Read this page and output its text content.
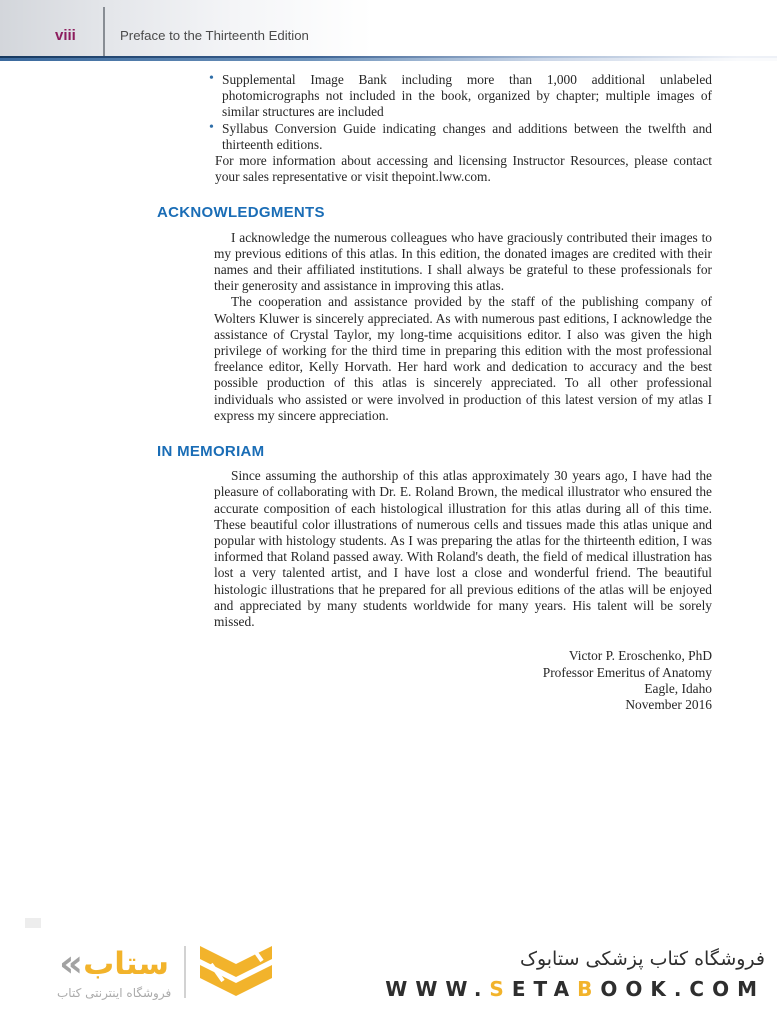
viii	Preface to the Thirteenth Edition
• Supplemental Image Bank including more than 1,000 additional unlabeled photomicrographs not included in the book, organized by chapter; multiple images of similar structures are included
• Syllabus Conversion Guide indicating changes and additions between the twelfth and thirteenth editions.

For more information about accessing and licensing Instructor Resources, please contact your sales representative or visit thepoint.lww.com.

ACKNOWLEDGMENTS

I acknowledge the numerous colleagues who have graciously contributed their images to my previous editions of this atlas. In this edition, the donated images are credited with their names and their affiliated institutions. I shall always be grateful to these professionals for their generosity and assistance in improving this atlas.

The cooperation and assistance provided by the staff of the publishing company of Wolters Kluwer is sincerely appreciated. As with numerous past editions, I acknowledge the assistance of Crystal Taylor, my long-time acquisitions editor. I also was given the high privilege of working for the third time in preparing this edition with the most professional freelance editor, Kelly Horvath. Her hard work and dedication to accuracy and the best possible production of this atlas is sincerely appreciated. To all other professional individuals who assisted or were involved in production of this latest version of my atlas I express my sincere appreciation.

IN MEMORIAM

Since assuming the authorship of this atlas approximately 30 years ago, I have had the pleasure of collaborating with Dr. E. Roland Brown, the medical illustrator who ensured the accurate composition of each histological illustration for this atlas during all of this time. These beautiful color illustrations of numerous cells and tissues made this atlas unique and popular with histology students. As I was preparing the atlas for the thirteenth edition, I was informed that Roland passed away. With Roland's death, the field of medical illustration has lost a very talented artist, and I have lost a close and wonderful friend. The beautiful histologic illustrations that he prepared for all previous editions of the atlas will be enjoyed and appreciated by many students worldwide for many years. His talent will be sorely missed.

Victor P. Eroschenko, PhD
Professor Emeritus of Anatomy
Eagle, Idaho
November 2016
« ستاب
فروشگاه اینترنتی کتاب
فروشگاه کتاب پزشکی ستابوک
WWW.SETABOOK.COM
